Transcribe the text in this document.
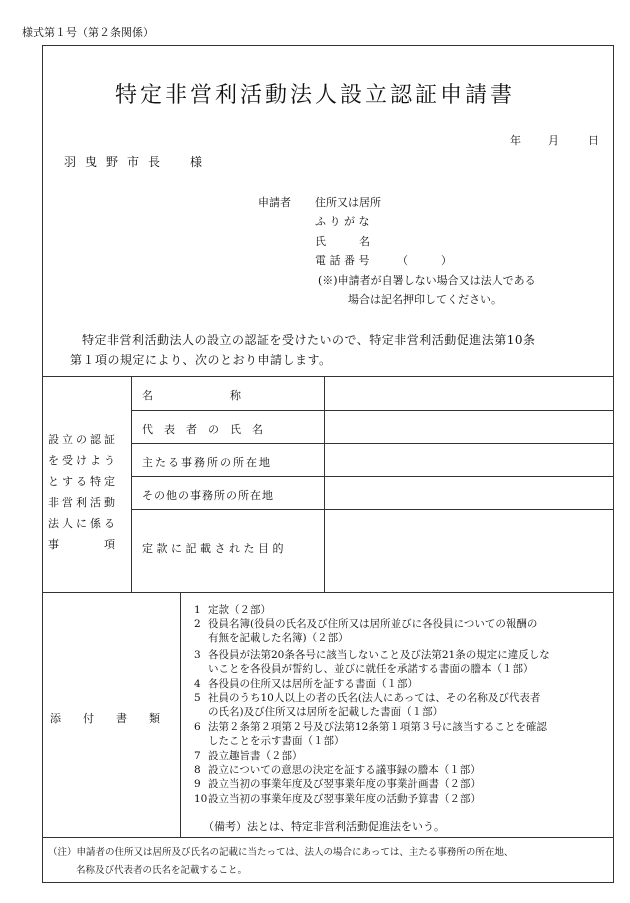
様式第１号（第２条関係）
特定非営利活動法人設立認証申請書
年 月	日
羽曳野市長　様
申請者 住所又は居所
ふ り が な
氏　　　名
電 話 番 号　　　（　　　）
(※)申請者が自署しない場合又は法人である
場合は記名押印してください。
特定非営利活動法人の設立の認証を受けたいので、特定非営利活動促進法第10条
第１項の規定により、次のとおり申請します。
設立の認証
を受けよう
とする特定
非営利活動
法人に係る
事　　　項
名　　　　　　　称
代　表　者　の　氏　名
主たる事務所の所在地
その他の事務所の所在地
定款に記載された目的
添　　付　　書　　類
1 定款（２部）
2 役員名簿(役員の氏名及び住所又は居所並びに各役員についての報酬の
有無を記載した名簿)（２部）
3 各役員が法第20条各号に該当しないこと及び法第21条の規定に違反しな
いことを各役員が誓約し、並びに就任を承諾する書面の謄本（１部）
4 各役員の住所又は居所を証する書面（１部）
5 社員のうち10人以上の者の氏名(法人にあっては、その名称及び代表者
の氏名)及び住所又は居所を記載した書面（１部）
6 法第２条第２項第２号及び法第12条第１項第３号に該当することを確認
したことを示す書面（１部）
7 設立趣旨書（２部）
8 設立についての意思の決定を証する議事録の謄本（１部）
9 設立当初の事業年度及び翌事業年度の事業計画書（２部）
10設立当初の事業年度及び翌事業年度の活動予算書（２部）
（備考）法とは、特定非営利活動促進法をいう。
（注）申請者の住所又は居所及び氏名の記載に当たっては、法人の場合にあっては、主たる事務所の所在地、
名称及び代表者の氏名を記載すること。
